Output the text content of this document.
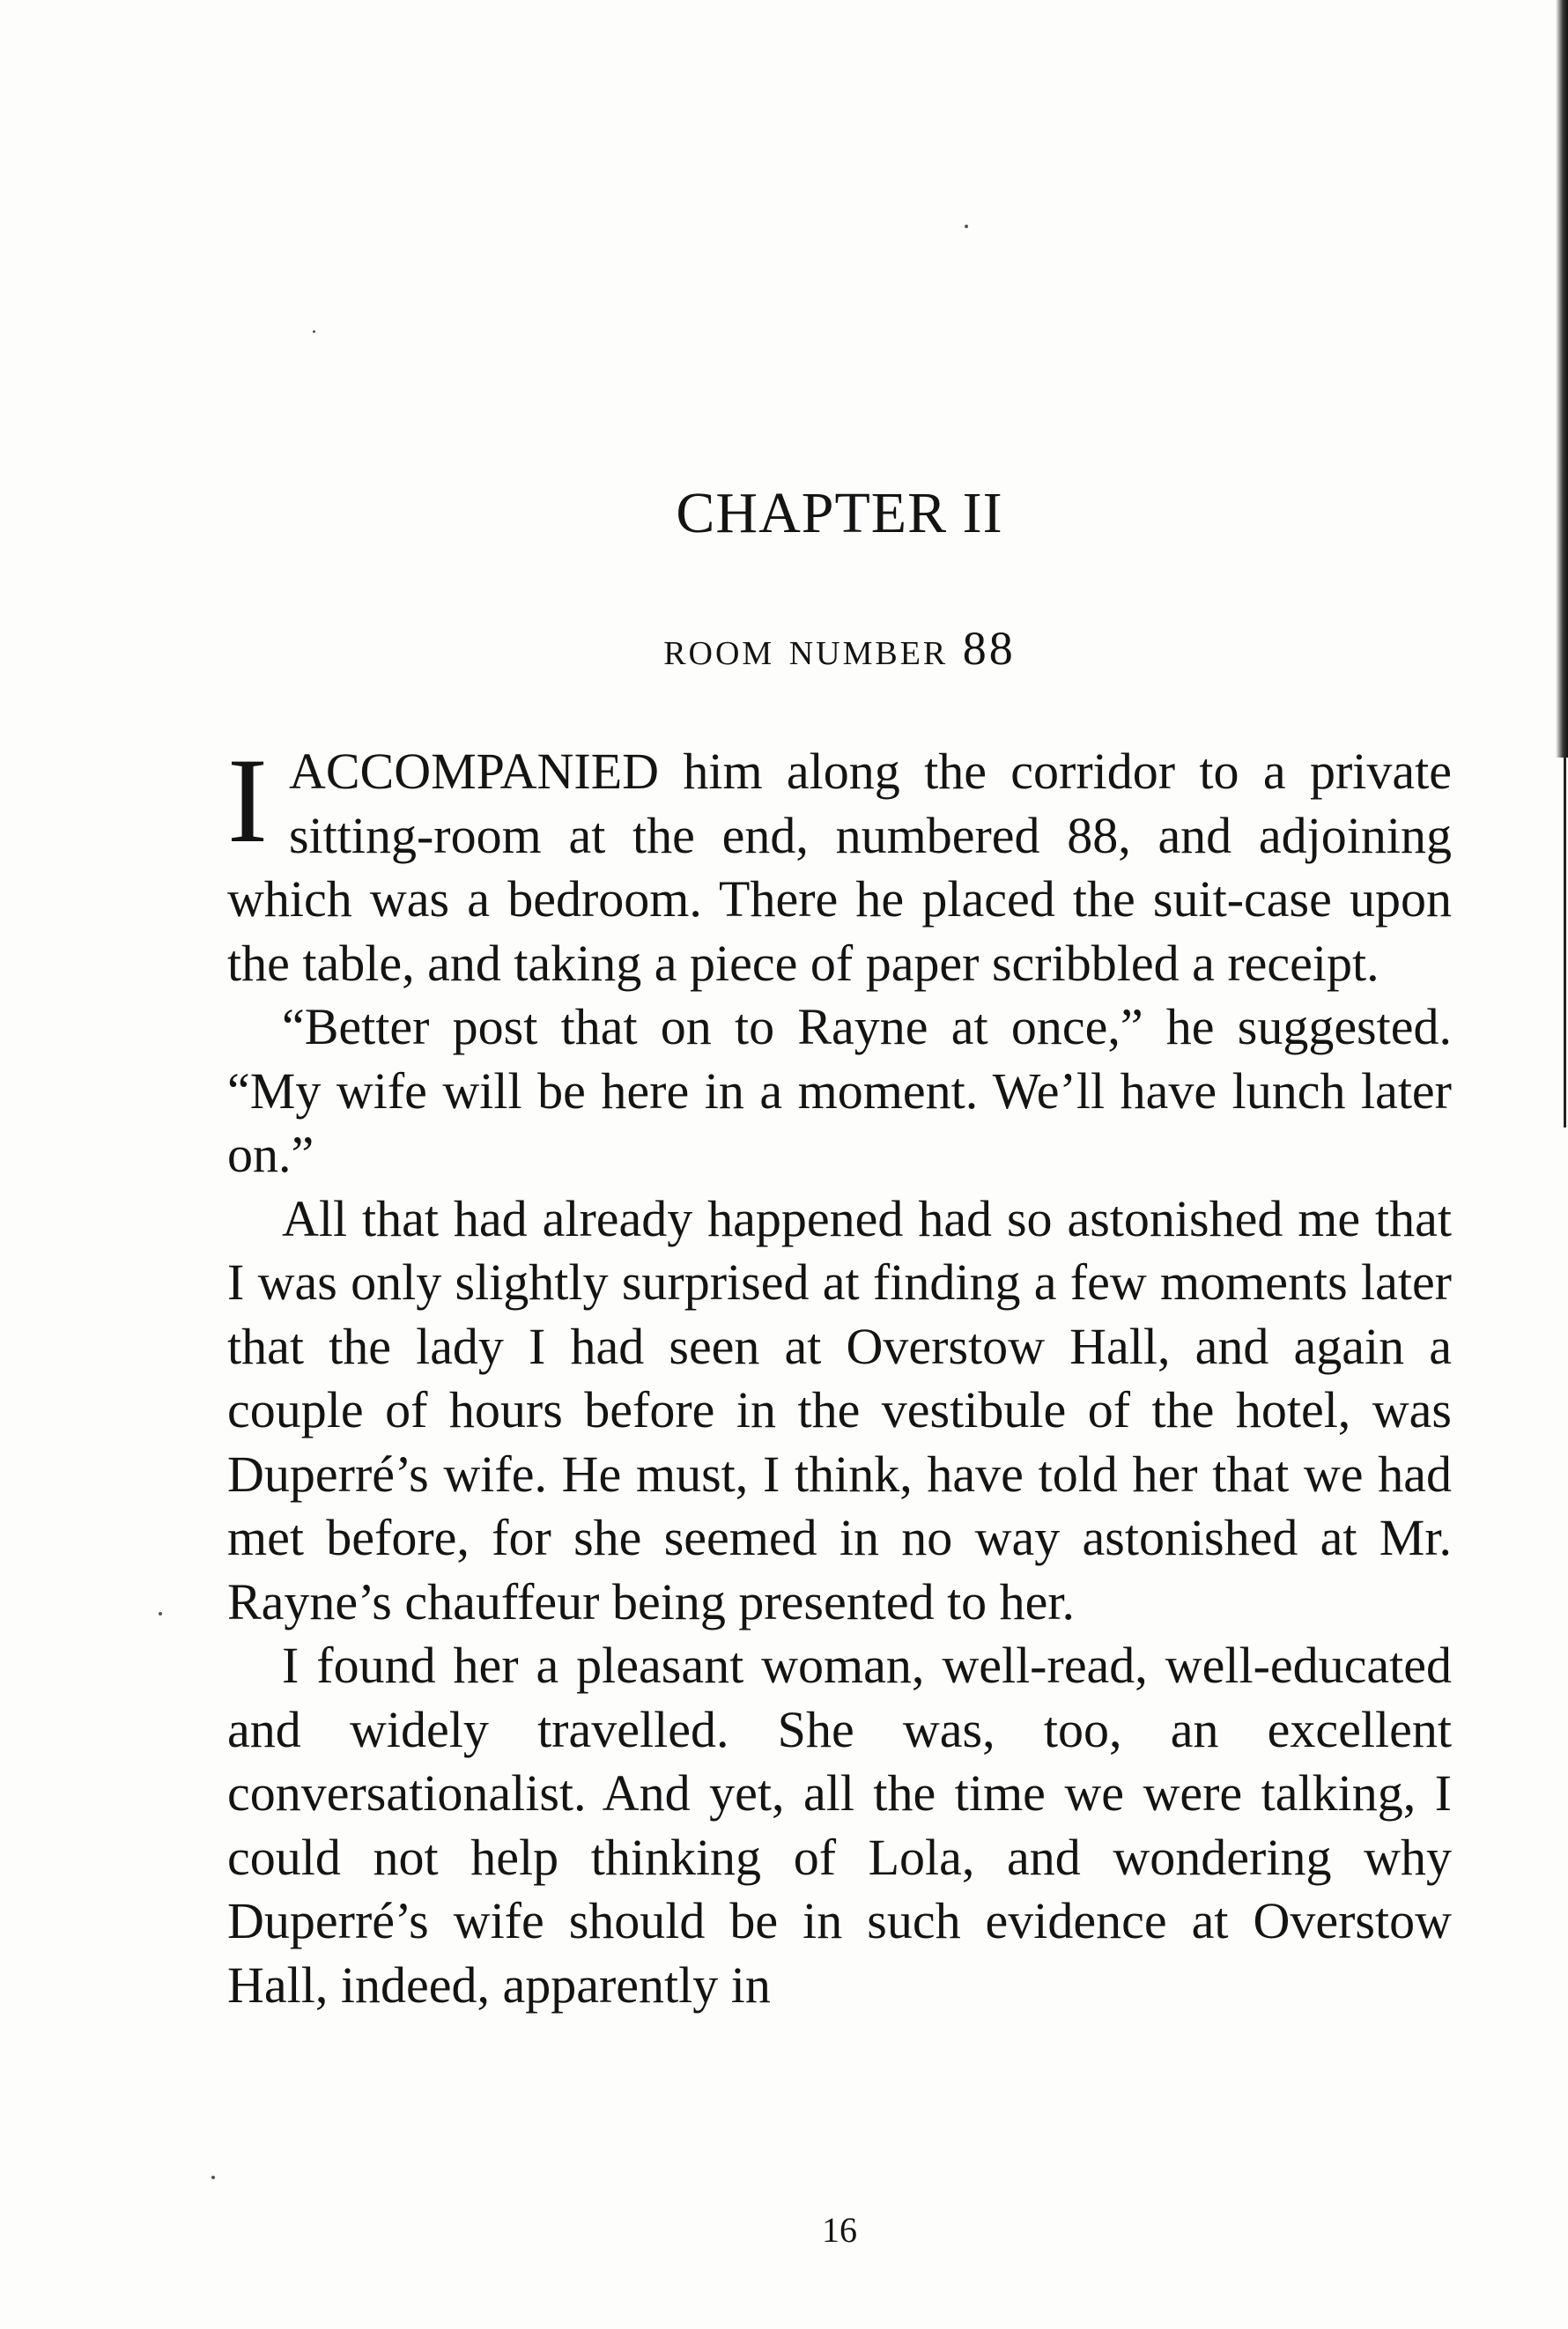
CHAPTER II
room number 88

IACCOMPANIED him along the corridor to a private sitting-room at the end, numbered 88, and adjoining which was a bedroom. There he placed the suit-case upon the table, and taking a piece of paper scribbled a receipt.

“Better post that on to Rayne at once,” he suggested. “My wife will be here in a moment. We’ll have lunch later on.”

All that had already happened had so astonished me that I was only slightly surprised at finding a few moments later that the lady I had seen at Overstow Hall, and again a couple of hours before in the vestibule of the hotel, was Duperré’s wife. He must, I think, have told her that we had met before, for she seemed in no way astonished at Mr. Rayne’s chauffeur being presented to her.

I found her a pleasant woman, well-read, well-educated and widely travelled. She was, too, an excellent conversationalist. And yet, all the time we were talking, I could not help thinking of Lola, and wondering why Duperré’s wife should be in such evidence at Overstow Hall, indeed, apparently in

16
